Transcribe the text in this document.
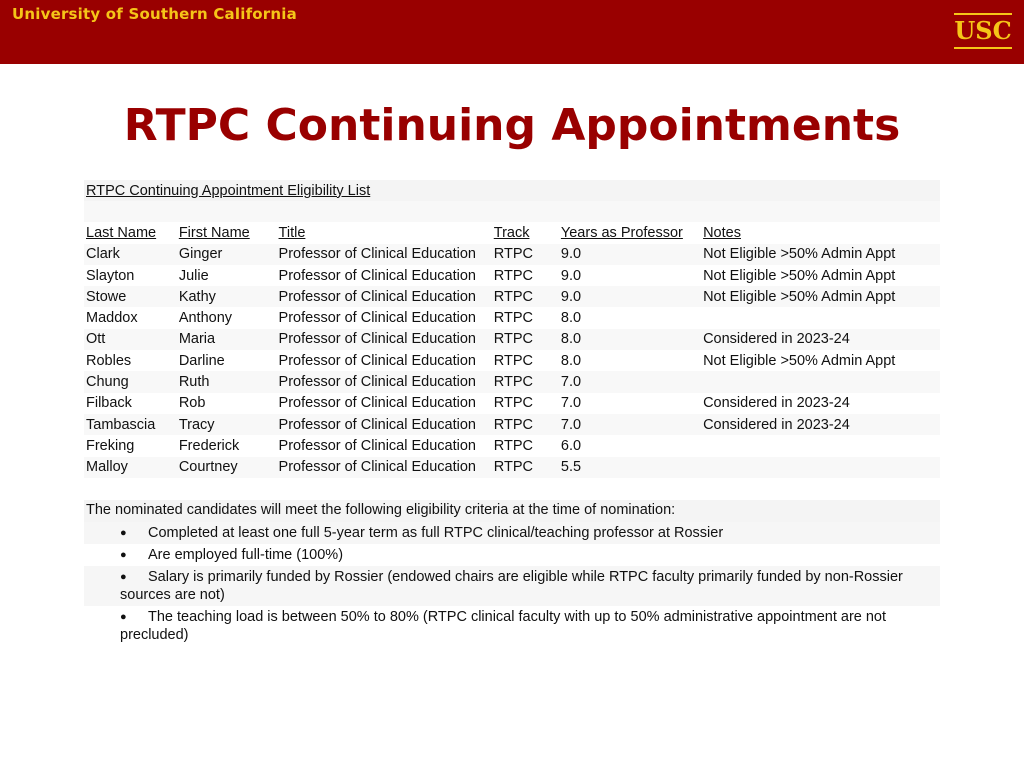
University of Southern California
USC
RTPC Continuing Appointments
RTPC Continuing Appointment Eligibility List
Last Name	First Name	Title	Track	Years as Professor	Notes
Clark	Ginger	Professor of Clinical Education	RTPC	9.0	Not Eligible >50% Admin Appt
Slayton	Julie	Professor of Clinical Education	RTPC	9.0	Not Eligible >50% Admin Appt
Stowe	Kathy	Professor of Clinical Education	RTPC	9.0	Not Eligible >50% Admin Appt
Maddox	Anthony	Professor of Clinical Education	RTPC	8.0
Ott	Maria	Professor of Clinical Education	RTPC	8.0	Considered in 2023-24
Robles	Darline	Professor of Clinical Education	RTPC	8.0	Not Eligible >50% Admin Appt
Chung	Ruth	Professor of Clinical Education	RTPC	7.0
Filback	Rob	Professor of Clinical Education	RTPC	7.0	Considered in 2023-24
Tambascia	Tracy	Professor of Clinical Education	RTPC	7.0	Considered in 2023-24
Freking	Frederick	Professor of Clinical Education	RTPC	6.0
Malloy	Courtney	Professor of Clinical Education	RTPC	5.5
The nominated candidates will meet the following eligibility criteria at the time of nomination:
●	Completed at least one full 5-year term as full RTPC clinical/teaching professor at Rossier
●	Are employed full-time (100%)
●	Salary is primarily funded by Rossier (endowed chairs are eligible while RTPC faculty primarily funded by non-Rossier sources are not)
●	The teaching load is between 50% to 80% (RTPC clinical faculty with up to 50% administrative appointment are not precluded)
